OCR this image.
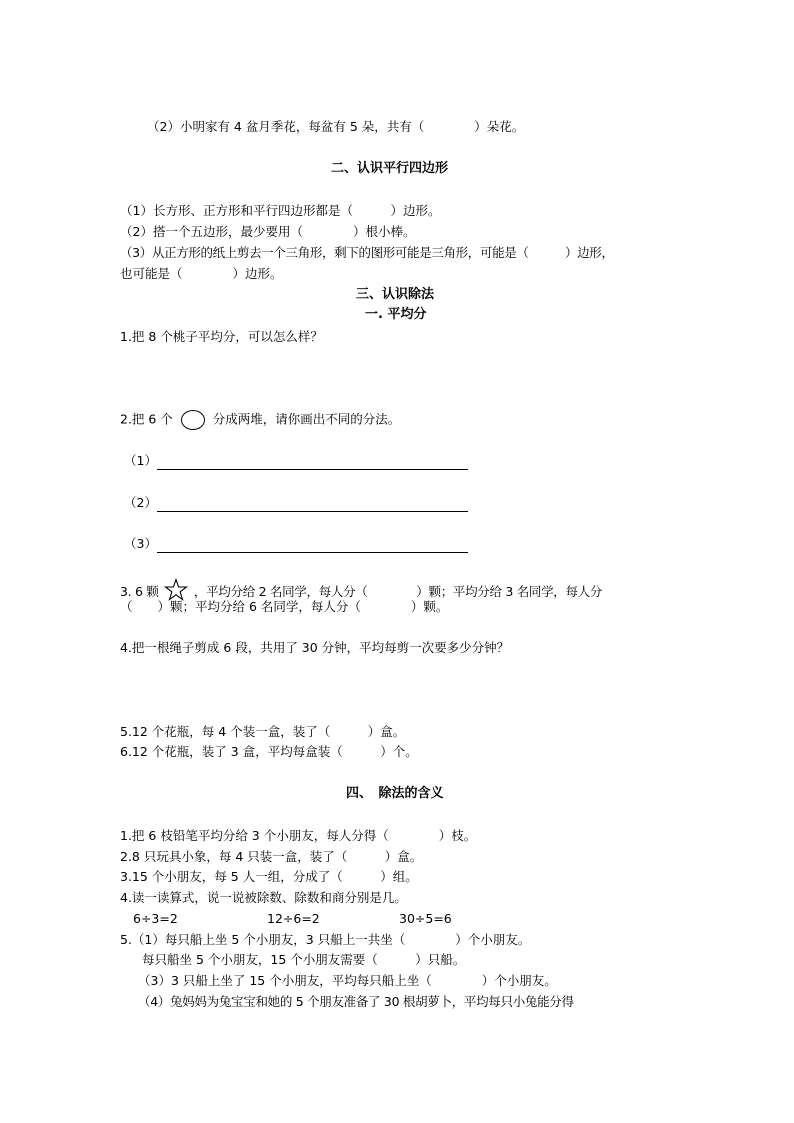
（2）小明家有 4 盆月季花，每盆有 5 朵，共有（　　　　）朵花。
二、认识平行四边形
（1）长方形、正方形和平行四边形都是（　　　）边形。
（2）搭一个五边形，最少要用（　　　　）根小棒。
（3）从正方形的纸上剪去一个三角形，剩下的图形可能是三角形，可能是（　　　）边形，
也可能是（　　　　）边形。
三、认识除法
一. 平均分
1.把 8 个桃子平均分，可以怎么样？
2.把 6 个	分成两堆，请你画出不同的分法。
（1）
（2）
（3）
3. 6 颗	，平均分给 2 名同学，每人分（　　　　）颗；平均分给 3 名同学，每人分
（　　）颗；平均分给 6 名同学，每人分（　　　　）颗。
4.把一根绳子剪成 6 段，共用了 30 分钟，平均每剪一次要多少分钟？
5.12 个花瓶，每 4 个装一盒，装了（　　　）盒。
6.12 个花瓶，装了 3 盒，平均每盒装（　　　）个。
四、　除法的含义
1.把 6 枝铅笔平均分给 3 个小朋友，每人分得（　　　　）枝。
2.8 只玩具小象，每 4 只装一盒，装了（　　　）盒。
3.15 个小朋友，每 5 人一组，分成了（　　　）组。
4.读一读算式，说一说被除数、除数和商分别是几。
6÷3=2	12÷6=2	30÷5=6
5.（1）每只船上坐 5 个小朋友，3 只船上一共坐（　　　　）个小朋友。
每只船坐 5 个小朋友，15 个小朋友需要（　　　）只船。
（3）3 只船上坐了 15 个小朋友，平均每只船上坐（　　　　）个小朋友。
（4）兔妈妈为兔宝宝和她的 5 个朋友准备了 30 根胡萝卜，平均每只小兔能分得
